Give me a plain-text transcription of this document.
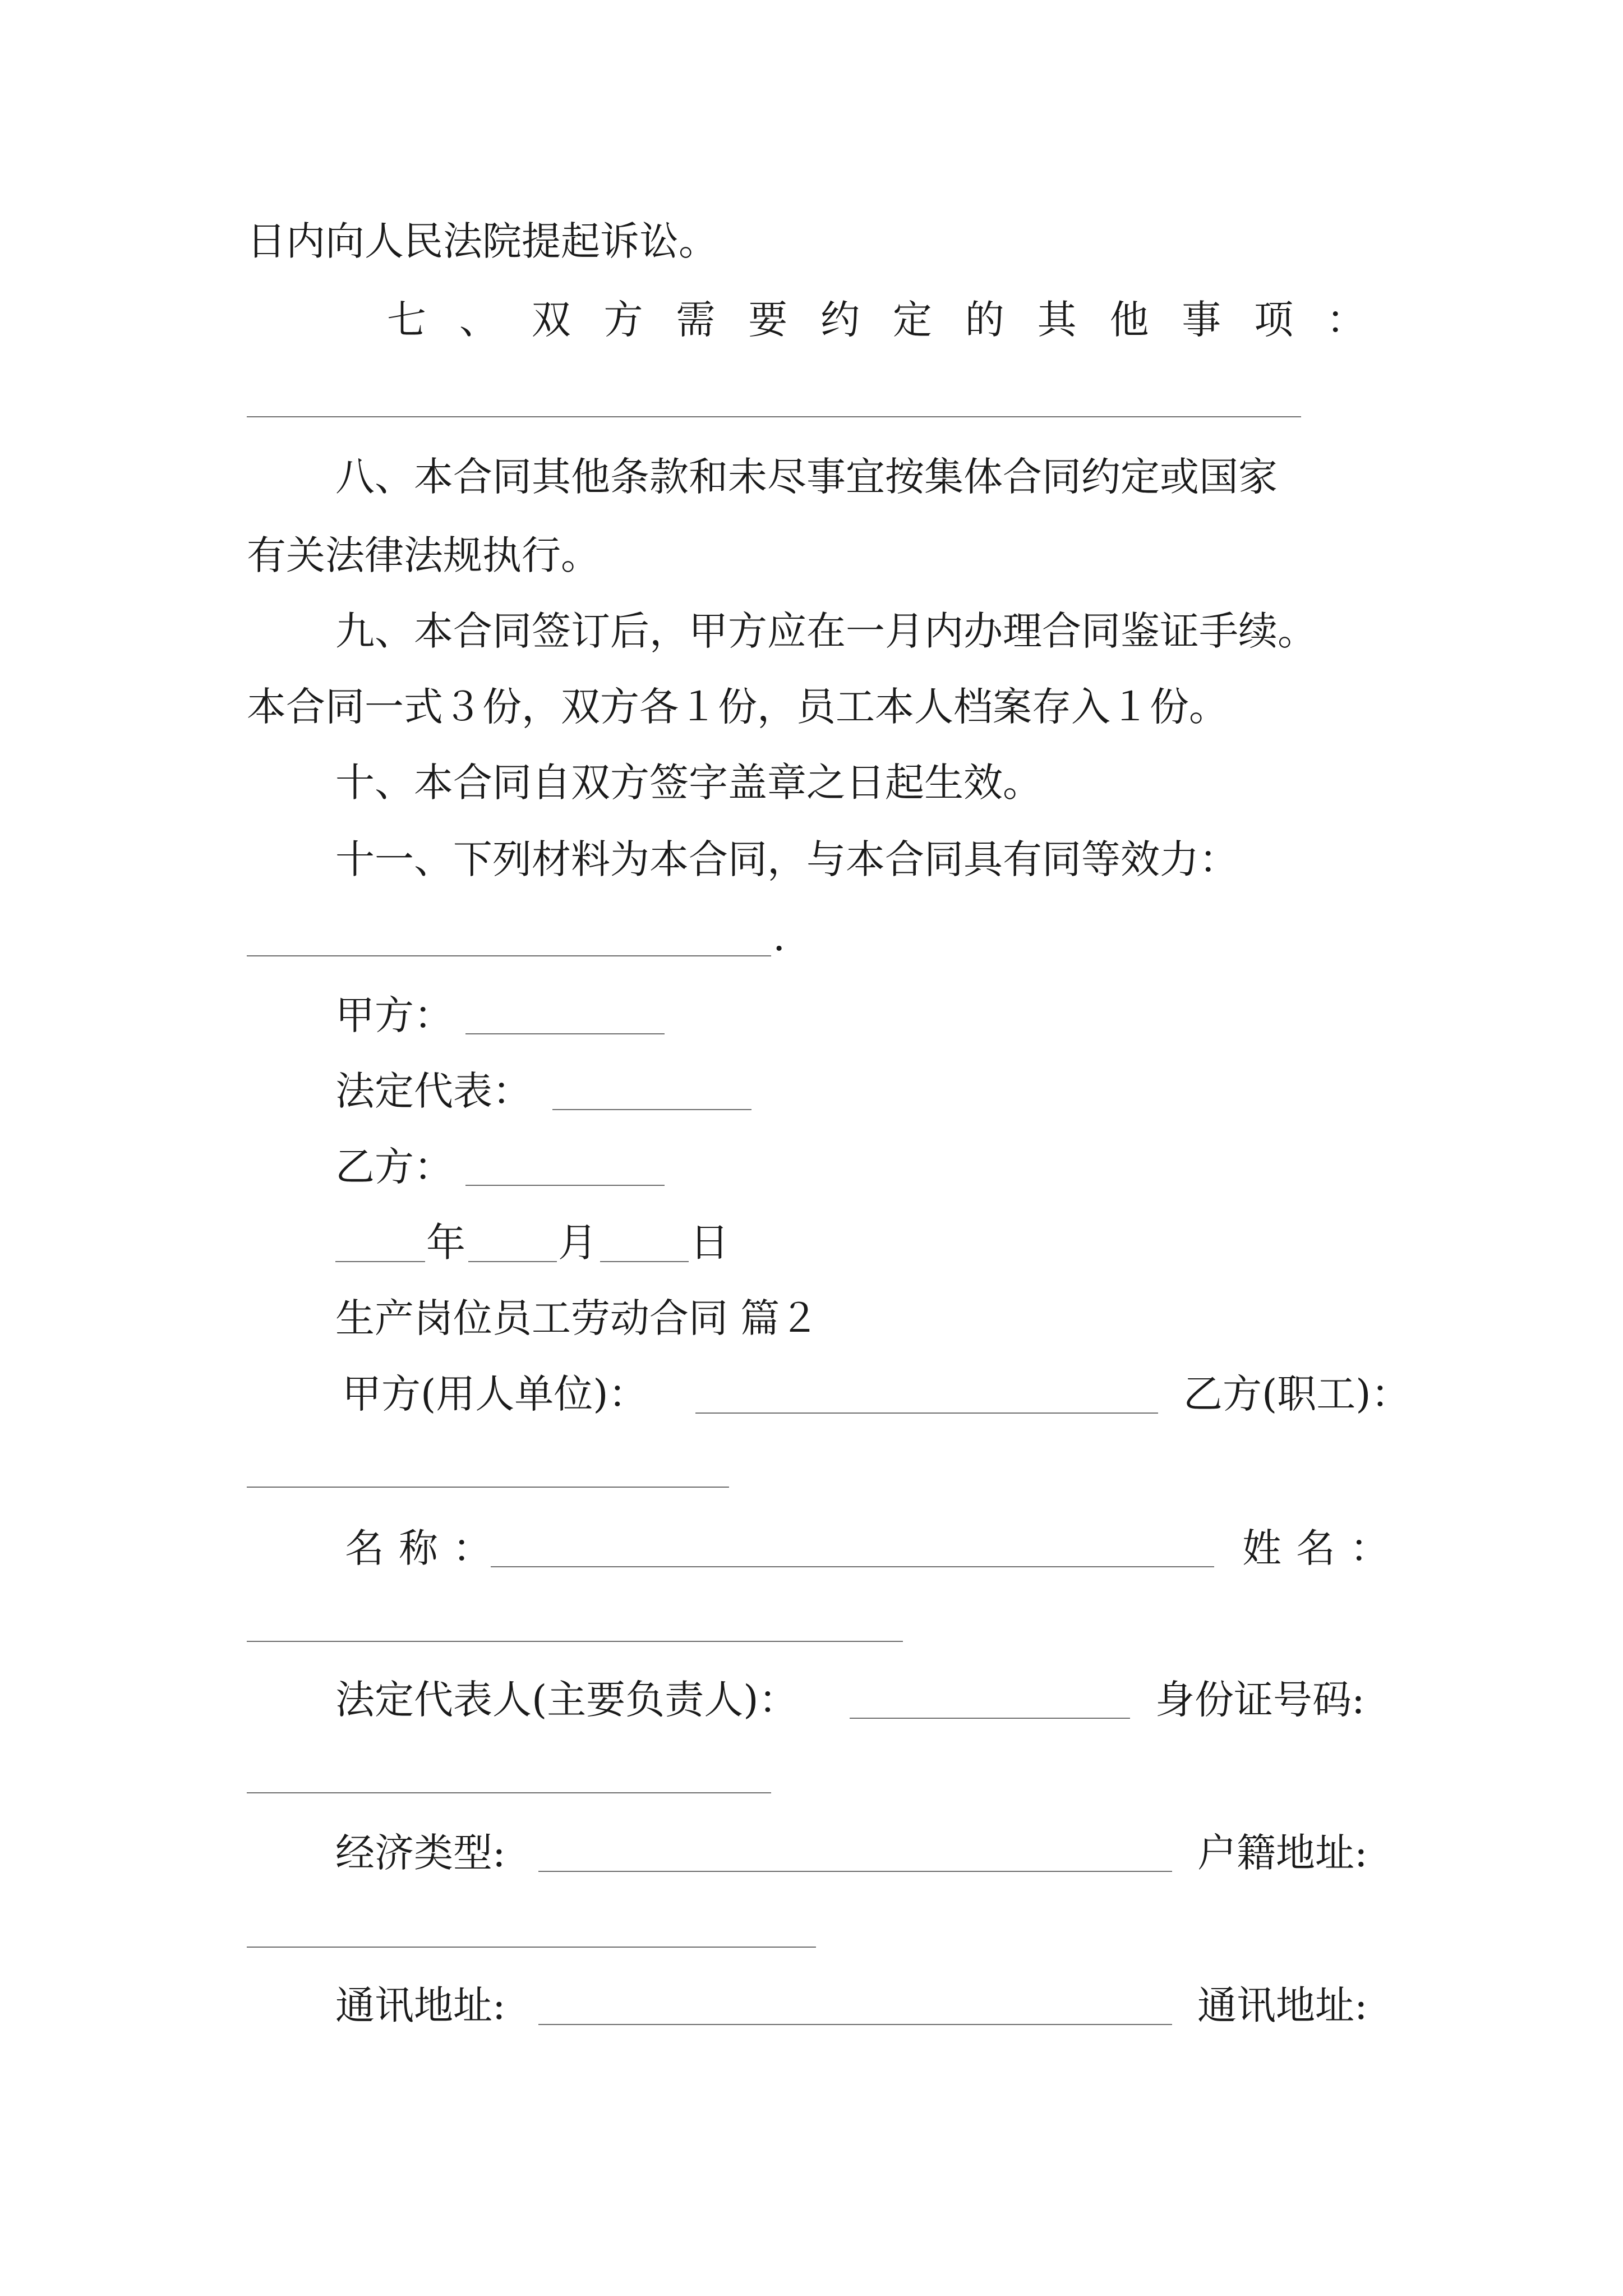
日内向人民法院提起诉讼。
七 、 双 方 需 要 约 定 的 其 他 事 项 ：
八、本合同其他条款和未尽事宜按集体合同约定或国家
有关法律法规执行。
九、本合同签订后，甲方应在一月内办理合同鉴证手续。
本合同一式３份，双方各１份，员工本人档案存入１份。
十、本合同自双方签字盖章之日起生效。
十一、下列材料为本合同，与本合同具有同等效力：
.
甲方：
法定代表：
乙方：
年 月 日
生产岗位员工劳动合同 篇２
甲方(用人单位)：	乙方(职工)：
名称：	姓名：
法定代表人(主要负责人)：	身份证号码:
经济类型:	户籍地址:
通讯地址:	通讯地址:
